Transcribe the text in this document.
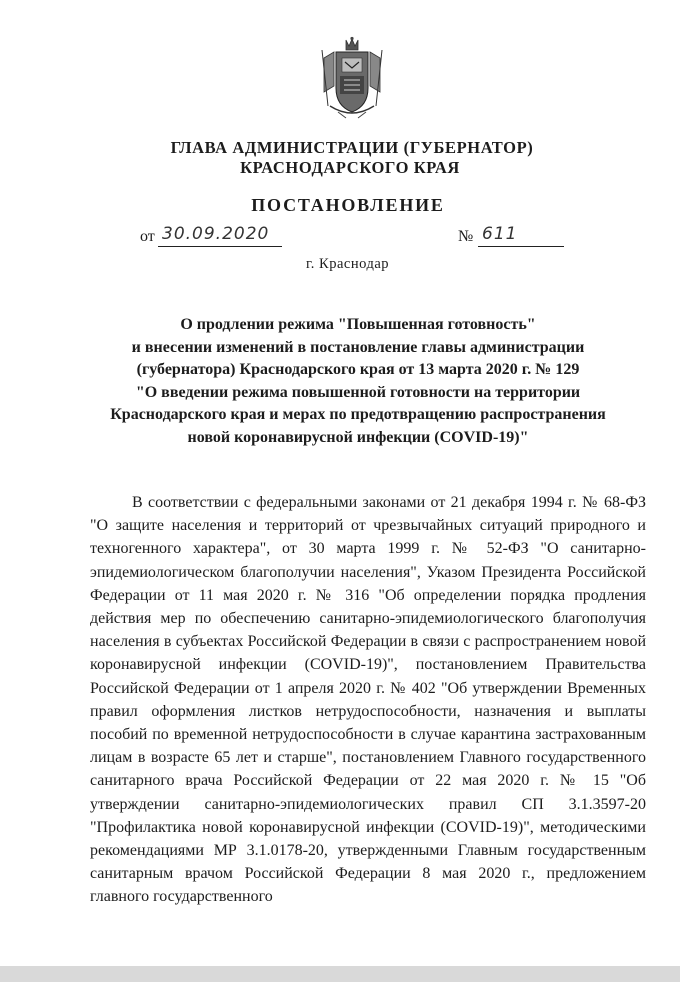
ГЛАВА АДМИНИСТРАЦИИ (ГУБЕРНАТОР)
КРАСНОДАРСКОГО КРАЯ
ПОСТАНОВЛЕНИЕ
от 30.09.2020	№ 611
г. Краснодар
О продлении режима "Повышенная готовность"
и внесении изменений в постановление главы администрации
(губернатора) Краснодарского края от 13 марта 2020 г. № 129
"О введении режима повышенной готовности на территории
Краснодарского края и мерах по предотвращению распространения
новой коронавирусной инфекции (COVID-19)"
В соответствии с федеральными законами от 21 декабря 1994 г. № 68-ФЗ "О защите населения и территорий от чрезвычайных ситуаций природного и техногенного характера", от 30 марта 1999 г. № 52-ФЗ "О санитарно-эпидемиологическом благополучии населения", Указом Президента Российской Федерации от 11 мая 2020 г. № 316 "Об определении порядка продления действия мер по обеспечению санитарно-эпидемиологического благополучия населения в субъектах Российской Федерации в связи с распространением новой коронавирусной инфекции (COVID-19)", постановлением Правительства Российской Федерации от 1 апреля 2020 г. № 402 "Об утверждении Временных правил оформления листков нетрудоспособности, назначения и выплаты пособий по временной нетрудоспособности в случае карантина застрахованным лицам в возрасте 65 лет и старше", постановлением Главного государственного санитарного врача Российской Федерации от 22 мая 2020 г. № 15 "Об утверждении санитарно-эпидемиологических правил СП 3.1.3597-20 "Профилактика новой коронавирусной инфекции (COVID-19)", методическими рекомендациями МР 3.1.0178-20, утвержденными Главным государственным санитарным врачом Российской Федерации 8 мая 2020 г., предложением главного государственного
